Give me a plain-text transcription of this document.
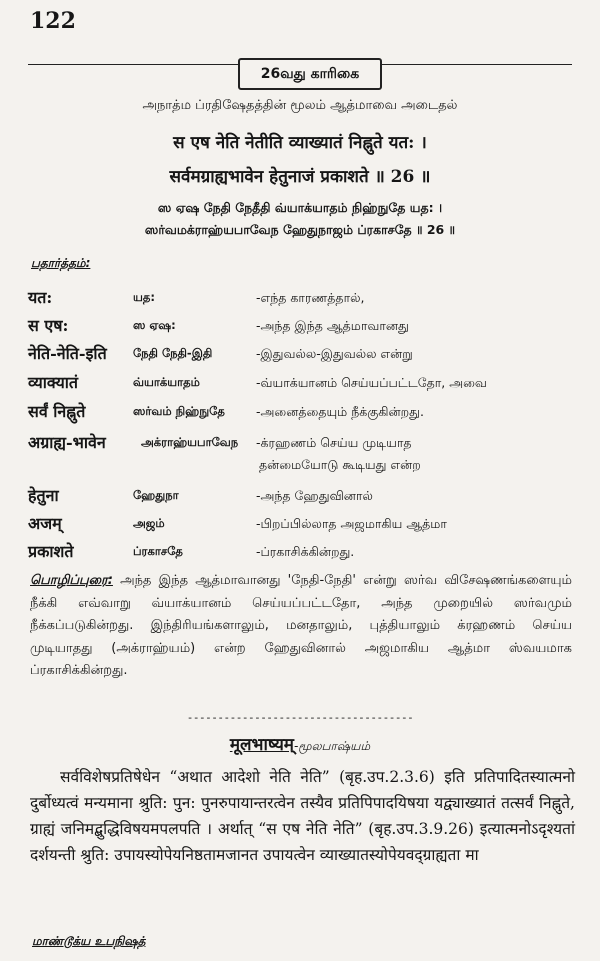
122
26வது காரிகை
அநாத்ம ப்ரதிஷேதத்தின் மூலம் ஆத்மாவை அடைதல்
स एष नेति नेतीति व्याख्यातं निह्नुते यत: ।
सर्वमग्राह्यभावेन हेतुनाजं प्रकाशते ॥ 26 ॥
ஸ ஏஷ நேதி நேதீதி வ்யாக்யாதம் நிஹ்நுதே யத: ।
ஸர்வமக்ராஹ்யபாவேந ஹேதுநாஜம் ப்ரகாசதே ॥ 26 ॥
பதார்த்தம்:
यत:	யத:	-எந்த காரணத்தால்,
स एष:	ஸ ஏஷ:	-அந்த இந்த ஆத்மாவானது
नेति-नेति-इति நேதி நேதி-இதி	-இதுவல்ல-இதுவல்ல என்று
व्याक्यातं	வ்யாக்யாதம்	-வ்யாக்யானம் செய்யப்பட்டதோ, அவை
सर्वं निह्नुते	ஸர்வம் நிஹ்நுதே -அனைத்தையும் நீக்குகின்றது.
अग्राह्य-भावेन	அக்ராஹ்யபாவேந -க்ரஹணம் செய்ய முடியாத
தன்மையோடு கூடியது என்ற
हेतुना	ஹேதுநா	-அந்த ஹேதுவினால்
अजम्	அஜம்	-பிறப்பில்லாத அஜமாகிய ஆத்மா
प्रकाशते	ப்ரகாசதே	-ப்ரகாசிக்கின்றது.
பொழிப்புரை: அந்த இந்த ஆத்மாவானது 'நேதி-நேதி' என்று ஸர்வ விசேஷணங்களையும் நீக்கி எவ்வாறு வ்யாக்யானம் செய்யப்பட்டதோ, அந்த முறையில் ஸர்வமும் நீக்கப்படுகின்றது. இந்திரியங்களாலும், மனதாலும், புத்தியாலும் க்ரஹணம் செய்ய முடியாதது (அக்ராஹ்யம்) என்ற ஹேதுவினால் அஜமாகிய ஆத்மா ஸ்வயமாக ப்ரகாசிக்கின்றது.
-------------------------------------
मूलभाष्यम्-மூலபாஷ்யம்
सर्वविशेषप्रतिषेधेन “अथात आदेशो नेति नेति” (बृह.उप.2.3.6) इति प्रतिपादितस्यात्मनो दुर्बोध्यत्वं मन्यमाना श्रुति: पुन: पुनरुपायान्तरत्वेन तस्यैव प्रतिपिपादयिषया यद्व्याख्यातं तत्सर्वं निह्नुते, ग्राह्यं जनिमद्बुद्धिविषयमपलपति । अर्थात् “स एष नेति नेति” (बृह.उप.3.9.26) इत्यात्मनोऽदृश्यतां दर्शयन्ती श्रुति: उपायस्योपेयनिष्ठतामजानत उपायत्वेन व्याख्यातस्योपेयवद्ग्राह्यता मा
மாண்டூக்ய உபநிஷத்
